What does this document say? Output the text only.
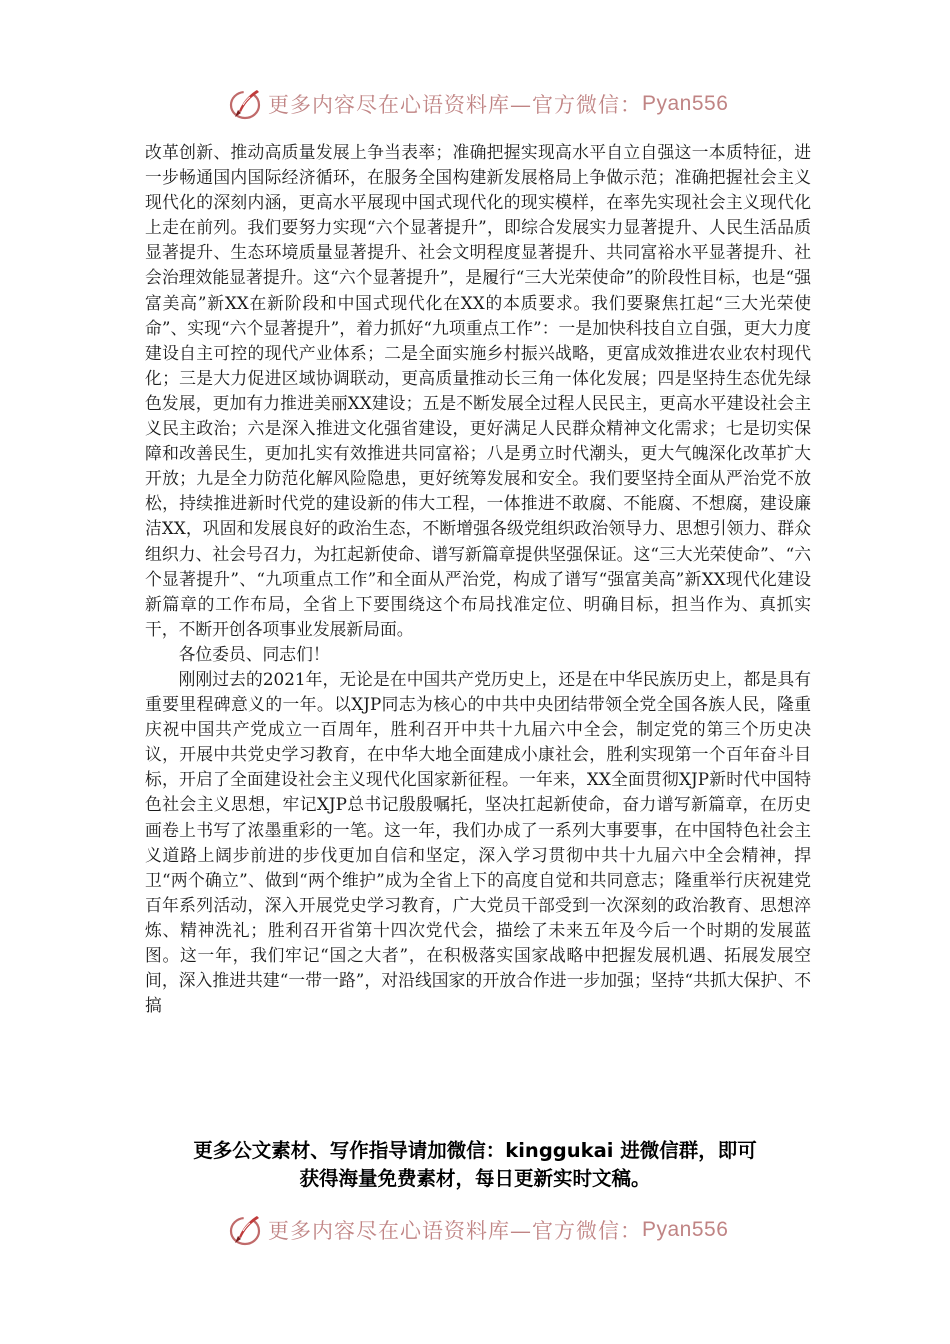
更多内容尽在心语资料库—官方微信： Pyan556

改革创新、推动高质量发展上争当表率；准确把握实现高水平自立自强这一本质特征，进一步畅通国内国际经济循环，在服务全国构建新发展格局上争做示范；准确把握社会主义现代化的深刻内涵，更高水平展现中国式现代化的现实模样，在率先实现社会主义现代化上走在前列。我们要努力实现“六个显著提升”，即综合发展实力显著提升、人民生活品质显著提升、生态环境质量显著提升、社会文明程度显著提升、共同富裕水平显著提升、社会治理效能显著提升。这“六个显著提升”，是履行“三大光荣使命”的阶段性目标，也是“强富美高”新XX在新阶段和中国式现代化在XX的本质要求。我们要聚焦扛起“三大光荣使命”、实现“六个显著提升”，着力抓好“九项重点工作”：一是加快科技自立自强，更大力度建设自主可控的现代产业体系；二是全面实施乡村振兴战略，更富成效推进农业农村现代化；三是大力促进区域协调联动，更高质量推动长三角一体化发展；四是坚持生态优先绿色发展，更加有力推进美丽XX建设；五是不断发展全过程人民民主，更高水平建设社会主义民主政治；六是深入推进文化强省建设，更好满足人民群众精神文化需求；七是切实保障和改善民生，更加扎实有效推进共同富裕；八是勇立时代潮头，更大气魄深化改革扩大开放；九是全力防范化解风险隐患，更好统筹发展和安全。我们要坚持全面从严治党不放松，持续推进新时代党的建设新的伟大工程，一体推进不敢腐、不能腐、不想腐，建设廉洁XX，巩固和发展良好的政治生态，不断增强各级党组织政治领导力、思想引领力、群众组织力、社会号召力，为扛起新使命、谱写新篇章提供坚强保证。这“三大光荣使命”、“六个显著提升”、“九项重点工作”和全面从严治党，构成了谱写“强富美高”新XX现代化建设新篇章的工作布局，全省上下要围绕这个布局找准定位、明确目标，担当作为、真抓实干，不断开创各项事业发展新局面。

各位委员、同志们！

刚刚过去的2021年，无论是在中国共产党历史上，还是在中华民族历史上，都是具有重要里程碑意义的一年。以XJP同志为核心的中共中央团结带领全党全国各族人民，隆重庆祝中国共产党成立一百周年，胜利召开中共十九届六中全会，制定党的第三个历史决议，开展中共党史学习教育，在中华大地全面建成小康社会，胜利实现第一个百年奋斗目标，开启了全面建设社会主义现代化国家新征程。一年来，XX全面贯彻XJP新时代中国特色社会主义思想，牢记XJP总书记殷殷嘱托，坚决扛起新使命，奋力谱写新篇章，在历史画卷上书写了浓墨重彩的一笔。这一年，我们办成了一系列大事要事，在中国特色社会主义道路上阔步前进的步伐更加自信和坚定，深入学习贯彻中共十九届六中全会精神，捍卫“两个确立”、做到“两个维护”成为全省上下的高度自觉和共同意志；隆重举行庆祝建党百年系列活动，深入开展党史学习教育，广大党员干部受到一次深刻的政治教育、思想淬炼、精神洗礼；胜利召开省第十四次党代会，描绘了未来五年及今后一个时期的发展蓝图。这一年，我们牢记“国之大者”，在积极落实国家战略中把握发展机遇、拓展发展空间，深入推进共建“一带一路”，对沿线国家的开放合作进一步加强；坚持“共抓大保护、不搞

更多公文素材、写作指导请加微信：kinggukai 进微信群，即可
获得海量免费素材，每日更新实时文稿。
更多内容尽在心语资料库—官方微信： Pyan556
